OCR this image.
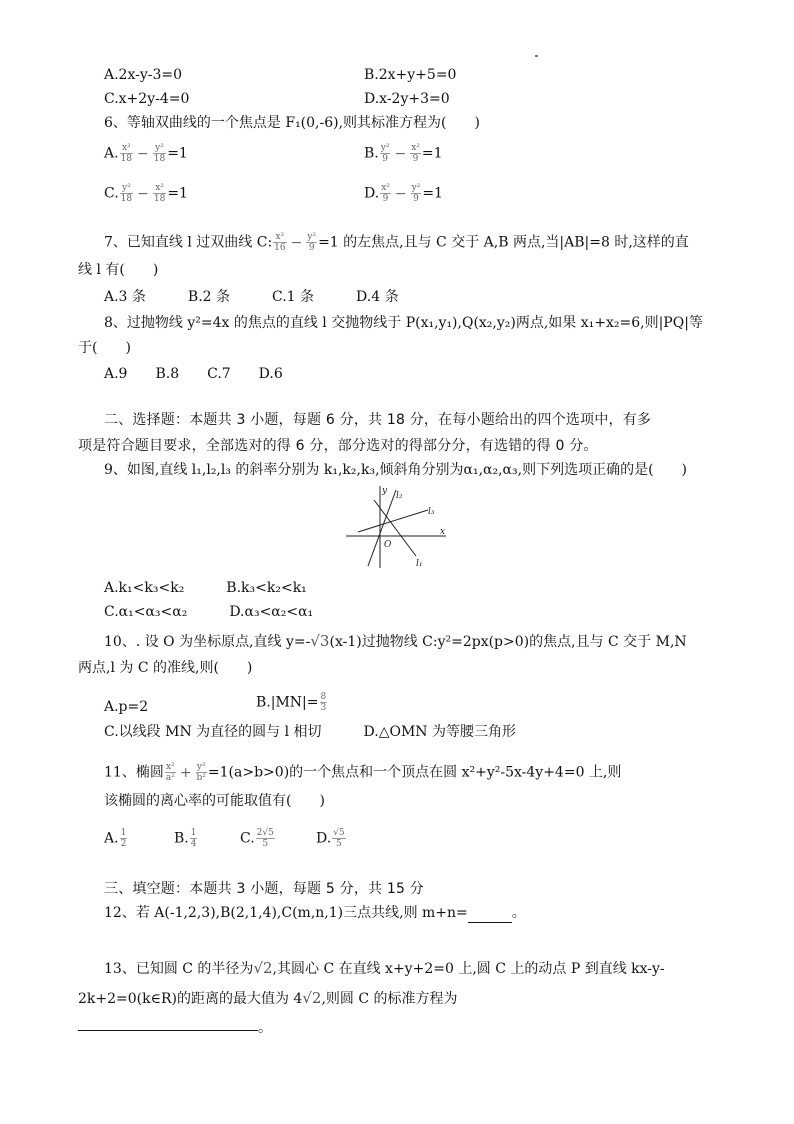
A.2x-y-3=0	B.2x+y+5=0
C.x+2y-4=0	D.x-2y+3=0
6、等轴双曲线的一个焦点是 F₁(0,-6),则其标准方程为(　　)
A. $\frac{\text{x²}}{18} - \frac{\text{y²}}{18} =1$	B. $\frac{\text{y²}}{9} - \frac{\text{x²}}{9} =1$
C. $\frac{\text{y²}}{18} - \frac{\text{x²}}{18} =1$	D. $\frac{\text{x²}}{9} - \frac{\text{y²}}{9} =1$
7、已知直线 l 过双曲线 C: $\frac{\text{x²}}{16} - \frac{\text{y²}}{9} =1$ 的左焦点,且与 C 交于 A,B 两点,当|AB|=8 时,这样的直
线 l 有(　　)
A.3 条　　　B.2 条　　　C.1 条　　　D.4 条
8、过抛物线 y²=4x 的焦点的直线 l 交抛物线于 P(x₁,y₁),Q(x₂,y₂)两点,如果 x₁+x₂=6,则|PQ|等
于(　　)
A.9　　B.8　　C.7　　D.6
二、选择题：本题共 3 小题，每题 6 分，共 18 分，在每小题给出的四个选项中，有多
项是符合题目要求，全部选对的得 6 分，部分选对的得部分分，有选错的得 0 分。
9、如图,直线 l₁,l₂,l₃ 的斜率分别为 k₁,k₂,k₃,倾斜角分别为α₁,α₂,α₃,则下列选项正确的是(　　)
y
x
O
l₂
l₃
l₁
A.k₁<k₃<k₂　　　B.k₃<k₂<k₁
C.α₁<α₃<α₂　　　D.α₃<α₂<α₁
10、. 设 O 为坐标原点,直线 y=-√3(x-1)过抛物线 C:y²=2px(p>0)的焦点,且与 C 交于 M,N
两点,l 为 C 的准线,则(　　)
A.p=2	$B.|MN|= \frac{8}{3}$
C.以线段 MN 为直径的圆与 l 相切　　　D.△OMN 为等腰三角形
11、椭圆 $\frac{\text{x²}}{\text{a²}} + \frac{\text{y²}}{\text{b²}} =1(a>b>0)$的一个焦点和一个顶点在圆 x²+y²-5x-4y+4=0 上,则
该椭圆的离心率的可能取值有(　　)
A. $\frac{1}{2}$	B. $\frac{1}{4}$	C. $\frac{2√5}{5}$	D. $\frac{√5}{5}$
三、填空题：本题共 3 小题，每题 5 分，共 15 分
12、若 A(-1,2,3),B(2,1,4),C(m,n,1)三点共线,则 m+n=	。
13、已知圆 C 的半径为√2,其圆心 C 在直线 x+y+2=0 上,圆 C 上的动点 P 到直线 kx-y-
2k+2=0(k∈R)的距离的最大值为 4√2,则圆 C 的标准方程为
。
